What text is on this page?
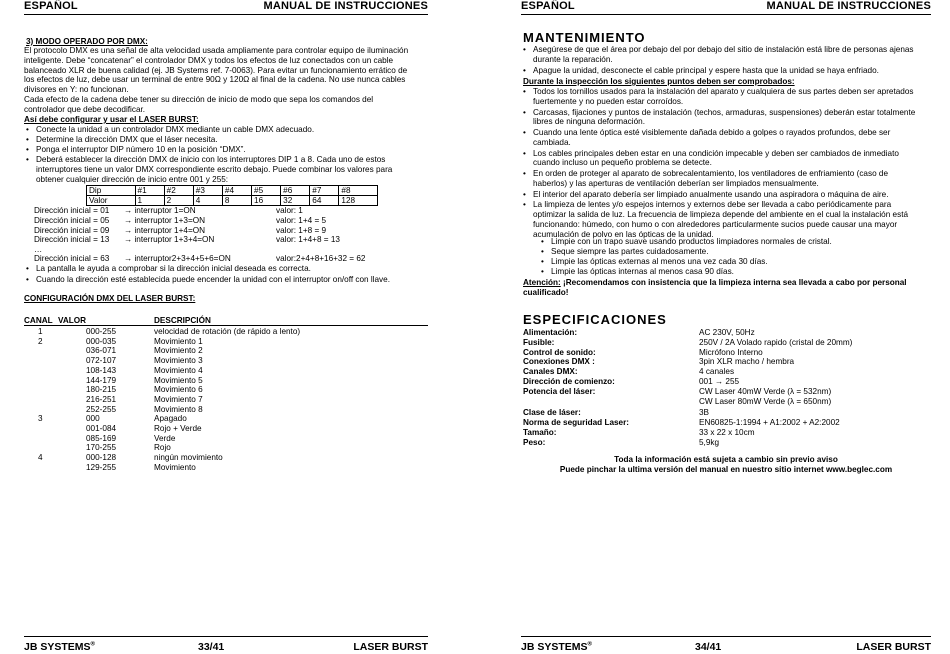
ESPAÑOL	MANUAL DE INSTRUCCIONES
3) MODO OPERADO POR DMX:
El protocolo DMX es una señal de alta velocidad usada ampliamente para controlar equipo de iluminación
inteligente. Debe “concatenar” el controlador DMX y todos los efectos de luz conectados con un cable
balanceado XLR de buena calidad (ej. JB Systems ref. 7-0063). Para evitar un funcionamiento errático de
los efectos de luz, debe usar un terminal de entre 90Ω y 120Ω al final de la cadena. No use nunca cables
divisores en Y: no funcionan.
Cada efecto de la cadena debe tener su dirección de inicio de modo que sepa los comandos del
controlador que debe decodificar.
Así debe configurar y usar el LASER BURST:
• Conecte la unidad a un controlador DMX mediante un cable DMX adecuado.
• Determine la dirección DMX que el láser necesita.
• Ponga el interruptor DIP número 10 en la posición “DMX”.
• Deberá establecer la dirección DMX de inicio con los interruptores DIP 1 a 8. Cada uno de estos
interruptores tiene un valor DMX correspondiente escrito debajo. Puede combinar los valores para
obtener cualquier dirección de inicio entre 001 y 255:
Dip	#1	#2	#3	#4	#5	#6	#7	#8
Valor	1	2	4	8	16	32	64	128
Dirección inicial = 01 → interruptor 1=ON	valor: 1
Dirección inicial = 05 → interruptor 1+3=ON	valor: 1+4 = 5
Dirección inicial = 09 → interruptor 1+4=ON	valor: 1+8 = 9
Dirección inicial = 13 → interruptor 1+3+4=ON	valor: 1+4+8 = 13
…
Dirección inicial = 63 → interruptor2+3+4+5+6=ON	valor:2+4+8+16+32 = 62
• La pantalla le ayuda a comprobar si la dirección inicial deseada es correcta.
• Cuando la dirección esté establecida puede encender la unidad con el interruptor on/off con llave.
CONFIGURACIÓN DMX DEL LASER BURST:
CANAL VALOR	DESCRIPCIÓN
1	000-255	velocidad de rotación (de rápido a lento)
2	000-035	Movimiento 1
036-071	Movimiento 2
072-107	Movimiento 3
108-143	Movimiento 4
144-179	Movimiento 5
180-215	Movimiento 6
216-251	Movimiento 7
252-255	Movimiento 8
3	000	Apagado
001-084	Rojo + Verde
085-169	Verde
170-255	Rojo
4	000-128	ningún movimiento
129-255	Movimiento
JB SYSTEMS®	33/41	LASER BURST
ESPAÑOL	MANUAL DE INSTRUCCIONES
MANTENIMIENTO
• Asegúrese de que el área por debajo del por debajo del sitio de instalación está libre de personas ajenas
durante la reparación.
• Apague la unidad, desconecte el cable principal y espere hasta que la unidad se haya enfriado.
Durante la inspección los siguientes puntos deben ser comprobados:
• Todos los tornillos usados para la instalación del aparato y cualquiera de sus partes deben ser apretados
fuertemente y no pueden estar corroídos.
• Carcasas, fijaciones y puntos de instalación (techos, armaduras, suspensiones) deberán estar totalmente
libres de ninguna deformación.
• Cuando una lente óptica esté visiblemente dañada debido a golpes o rayados profundos, debe ser
cambiada.
• Los cables principales deben estar en una condición impecable y deben ser cambiados de inmediato
cuando incluso un pequeño problema se detecte.
• En orden de proteger al aparato de sobrecalentamiento, los ventiladores de enfriamiento (caso de
haberlos) y las aperturas de ventilación deberían ser limpiados mensualmente.
• El interior del aparato debería ser limpiado anualmente usando una aspiradora o máquina de aire.
• La limpieza de lentes y/o espejos internos y externos debe ser llevada a cabo periódicamente para
optimizar la salida de luz. La frecuencia de limpieza depende del ambiente en el cual la instalación está
funcionando: húmedo, con humo o con alrededores particularmente sucios puede causar una mayor
acumulación de polvo en las ópticas de la unidad.
• Limpie con un trapo suave usando productos limpiadores normales de cristal.
• Seque siempre las partes cuidadosamente.
• Limpie las ópticas externas al menos una vez cada 30 días.
• Limpie las ópticas internas al menos casa 90 días.
Atención: ¡Recomendamos con insistencia que la limpieza interna sea llevada a cabo por personal
cualificado!
ESPECIFICACIONES
Alimentación:	AC 230V, 50Hz
Fusible:	250V / 2A Volado rapido (cristal de 20mm)
Control de sonido:	Micrófono Interno
Conexiones DMX :	3pin XLR macho / hembra
Canales DMX:	4 canales
Dirección de comienzo:	001 → 255
Potencia del láser:	CW Laser 40mW Verde (λ = 532nm)
CW Laser 80mW Verde (λ = 650nm)
Clase de láser:	3B
Norma de seguridad Laser:	EN60825-1:1994 + A1:2002 + A2:2002
Tamaño:	33 x 22 x 10cm
Peso:	5,9kg
Toda la información está sujeta a cambio sin previo aviso
Puede pinchar la ultima versión del manual en nuestro sitio internet www.beglec.com
JB SYSTEMS®	34/41	LASER BURST
